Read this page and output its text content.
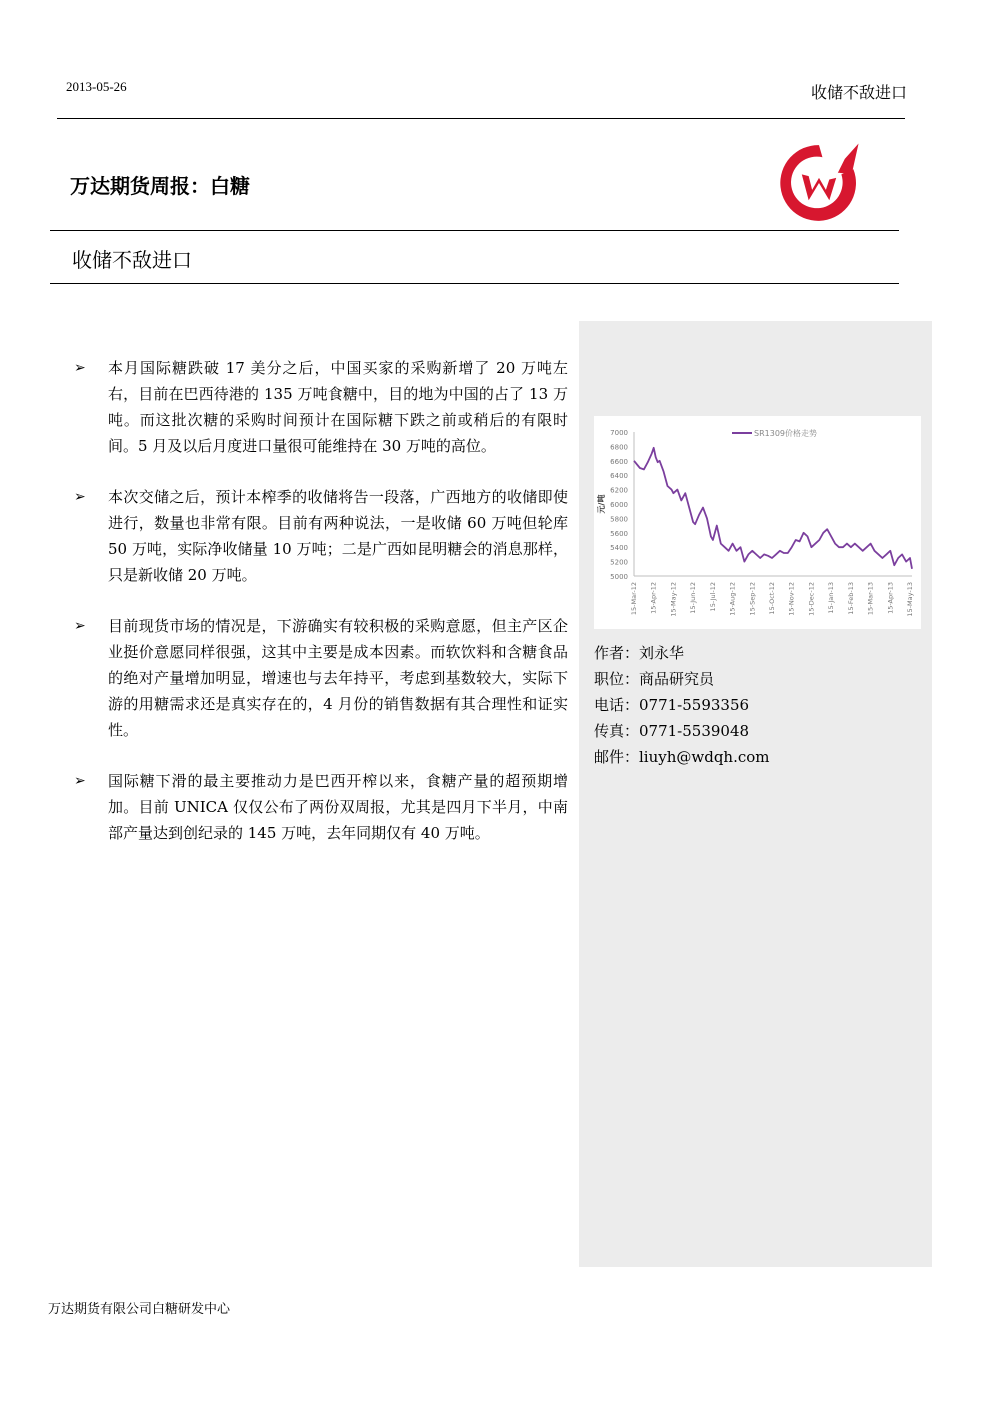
2013-05-26	收储不敌进口
万达期货周报：白糖
收储不敌进口
➢ 本月国际糖跌破 17 美分之后，中国买家的采购新增了 20 万吨左右，目前在巴西待港的 135 万吨食糖中，目的地为中国的占了 13 万吨。而这批次糖的采购时间预计在国际糖下跌之前或稍后的有限时间。5 月及以后月度进口量很可能维持在 30 万吨的高位。
➢ 本次交储之后，预计本榨季的收储将告一段落，广西地方的收储即使进行，数量也非常有限。目前有两种说法，一是收储 60 万吨但轮库 50 万吨，实际净收储量 10 万吨；二是广西如昆明糖会的消息那样，只是新收储 20 万吨。
➢ 目前现货市场的情况是，下游确实有较积极的采购意愿，但主产区企业挺价意愿同样很强，这其中主要是成本因素。而软饮料和含糖食品的绝对产量增加明显，增速也与去年持平，考虑到基数较大，实际下游的用糖需求还是真实存在的，4 月份的销售数据有其合理性和证实性。
➢ 国际糖下滑的最主要推动力是巴西开榨以来，食糖产量的超预期增加。目前 UNICA 仅仅公布了两份双周报，尤其是四月下半月，中南部产量达到创纪录的 145 万吨，去年同期仅有 40 万吨。
5000
5200
5400
5600
5800
6000
6200
6400
6600
6800
7000
元/吨
15-Mar-12 15-Apr-12 15-May-12 15-Jun-12 15-Jul-12 15-Aug-12 15-Sep-12 15-Oct-12 15-Nov-12 15-Dec-12 15-Jan-13 15-Feb-13 15-Mar-13 15-Apr-13 15-May-13
SR1309价格走势
作者：刘永华
职位：商品研究员
电话：0771-5593356
传真：0771-5539048
邮件：liuyh@wdqh.com
万达期货有限公司白糖研发中心
